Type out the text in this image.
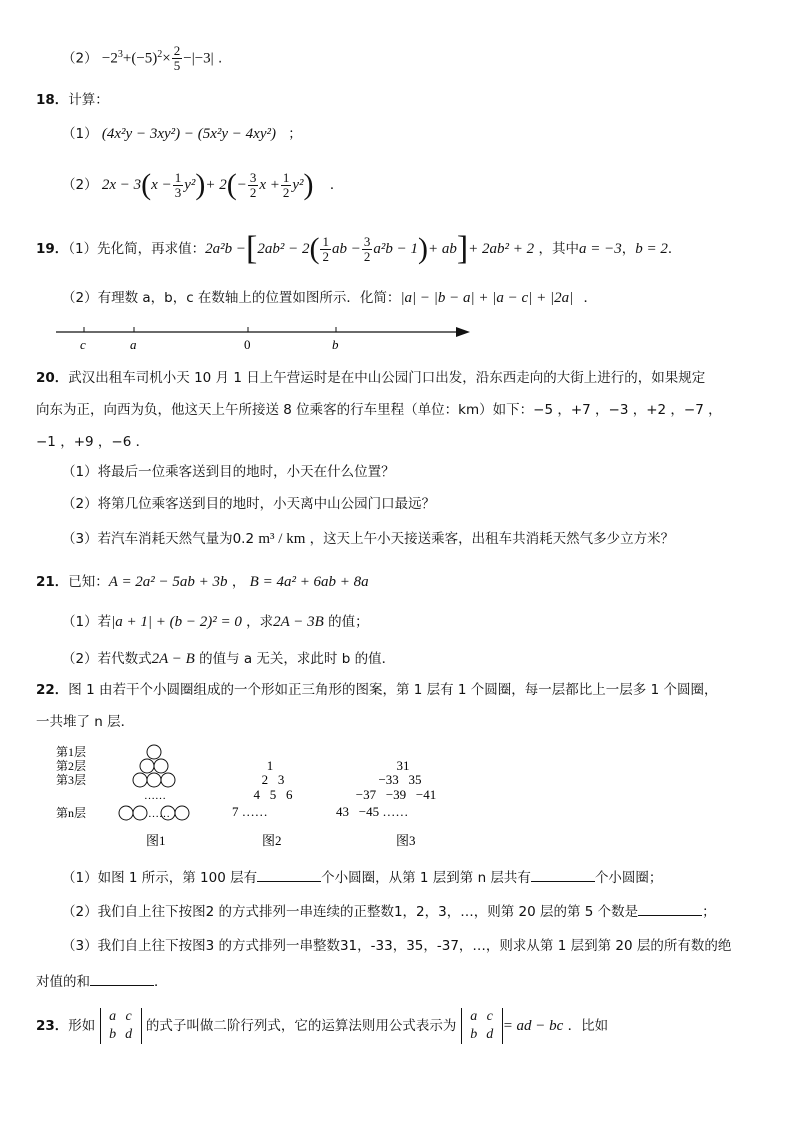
$(2) -2^3+(-5)^2\times \frac{2}{5} -|-3|$ .
18．计算：
（1） (4x²y − 3xy²) − (5x²y − 4xy²) ；
（2） $2x - 3(x - \frac{1}{3} y^2)+ 2(- \frac{3}{2}$ $x + \frac{1}{2} y^2$) ．
19．（1）先化简，再求值：$2a^2b -[2ab^2 - 2( \frac{1}{2}$ ab − $\frac{3}{2} a^2b - 1)+ ab]+ 2ab^2 + 2$ ，其中a = −3，b = 2．
（2）有理数 a，b，c 在数轴上的位置如图所示．化简：|a| − |b − a| + |a − c| + |2a| ．
c	a	0	b
20．武汉出租车司机小天 10 月 1 日上午营运时是在中山公园门口出发，沿东西走向的大街上进行的，如果规定
向东为正，向西为负，他这天上午所接送 8 位乘客的行车里程（单位：km）如下：−5 ，+7 ，−3 ，+2 ，−7 ，
−1 ，+9 ，−6 ．
（1）将最后一位乘客送到目的地时，小天在什么位置？
（2）将第几位乘客送到目的地时，小天离中山公园门口最远？
（3）若汽车消耗天然气量为0.2 m³ / km ，这天上午小天接送乘客，出租车共消耗天然气多少立方米？
21．已知：A = 2a² − 5ab + 3b ， B = 4a² + 6ab + 8a
（1）若|a + 1| + (b − 2)² = 0 ，求2A − 3B 的值；
（2）若代数式2A − B 的值与 a 无关，求此时 b 的值．
22．图 1 由若干个小圆圈组成的一个形如正三角形的图案，第 1 层有 1 个圆圈，每一层都比上一层多 1 个圆圈，
一共堆了 n 层．
第1层
第2层
第3层
第n层
……
……
图1
1
2   3
4   5   6
7 ……
图2
31
−33   35
−37   −39   −41
43   −45 ……
图3
（1）如图 1 所示，第 100 层有	个小圆圈，从第 1 层到第 n 层共有	个小圆圈；
（2）我们自上往下按图2 的方式排列一串连续的正整数1，2，3，…，则第 20 层的第 5 个数是	；
（3）我们自上往下按图3 的方式排列一串整数31，-33，35，-37，…，则求从第 1 层到第 20 层的所有数的绝
对值的和	．
23．形如 a c
b d 的式子叫做二阶行列式，它的运算法则用公式表示为 a c
b d= ad − bc ．比如
